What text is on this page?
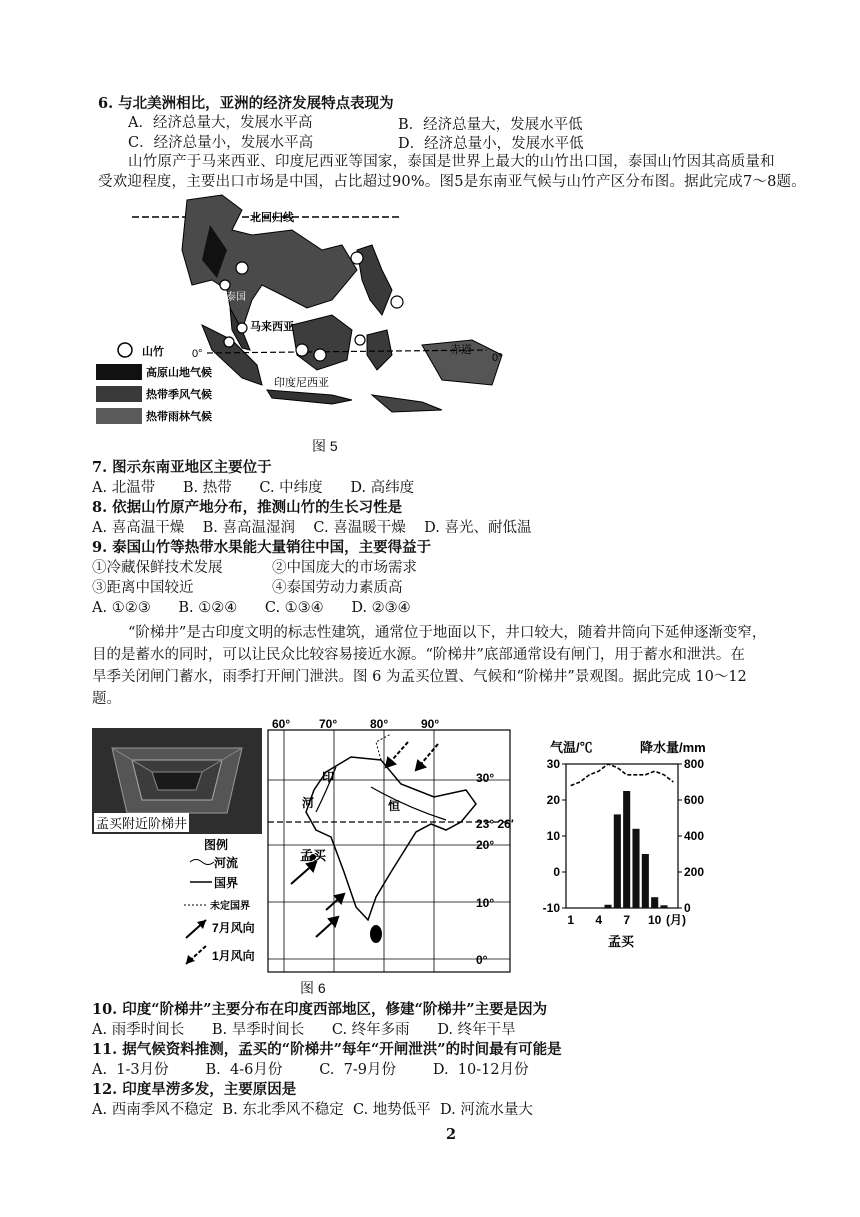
6. 与北美洲相比，亚洲的经济发展特点表现为
A．经济总量大，发展水平高	B．经济总量大，发展水平低
C．经济总量小，发展水平高	D．经济总量小，发展水平低
山竹原产于马来西亚、印度尼西亚等国家，泰国是世界上最大的山竹出口国，泰国山竹因其高质量和
受欢迎程度，主要出口市场是中国，占比超过90%。图5是东南亚气候与山竹产区分布图。据此完成7～8题。
北回归线
泰国
马来西亚
印度尼西亚
赤道
0°	0°
山竹
高原山地气候
热带季风气候
热带雨林气候
图 5
7. 图示东南亚地区主要位于
A. 北温带      B. 热带      C. 中纬度      D. 高纬度
8. 依据山竹原产地分布，推测山竹的生长习性是
A. 喜高温干燥    B. 喜高温湿润    C. 喜温暖干燥    D. 喜光、耐低温
9. 泰国山竹等热带水果能大量销往中国，主要得益于
①冷藏保鲜技术发展	②中国庞大的市场需求
③距离中国较近	④泰国劳动力素质高
A. ①②③      B. ①②④      C. ①③④      D. ②③④
“阶梯井”是古印度文明的标志性建筑，通常位于地面以下，井口较大，随着井筒向下延伸逐渐变窄，
目的是蓄水的同时，可以让民众比较容易接近水源。“阶梯井”底部通常设有闸门，用于蓄水和泄洪。在
旱季关闭闸门蓄水，雨季打开闸门泄洪。图 6 为孟买位置、气候和“阶梯井”景观图。据此完成 10～12
题。
孟买附近阶梯井
60° 70°	80°	90°
30°
23° 26′
20°
10°
0°
印
河	恒
孟买
图例
河流
国界
未定国界
7月风向
1月风向
图 6
气温/℃	降水量/mm
30
20
10
0
-10
800
600
400
200
0
1 4 7 10 (月)
孟买
10. 印度“阶梯井”主要分布在印度西部地区，修建“阶梯井”主要是因为
A. 雨季时间长      B. 旱季时间长      C. 终年多雨      D. 终年干旱
11. 据气候资料推测，孟买的“阶梯井”每年“开闸泄洪”的时间最有可能是
A.  1-3月份        B.  4-6月份        C.  7-9月份        D.  10-12月份
12. 印度旱涝多发，主要原因是
A. 西南季风不稳定  B. 东北季风不稳定  C. 地势低平  D. 河流水量大
2
